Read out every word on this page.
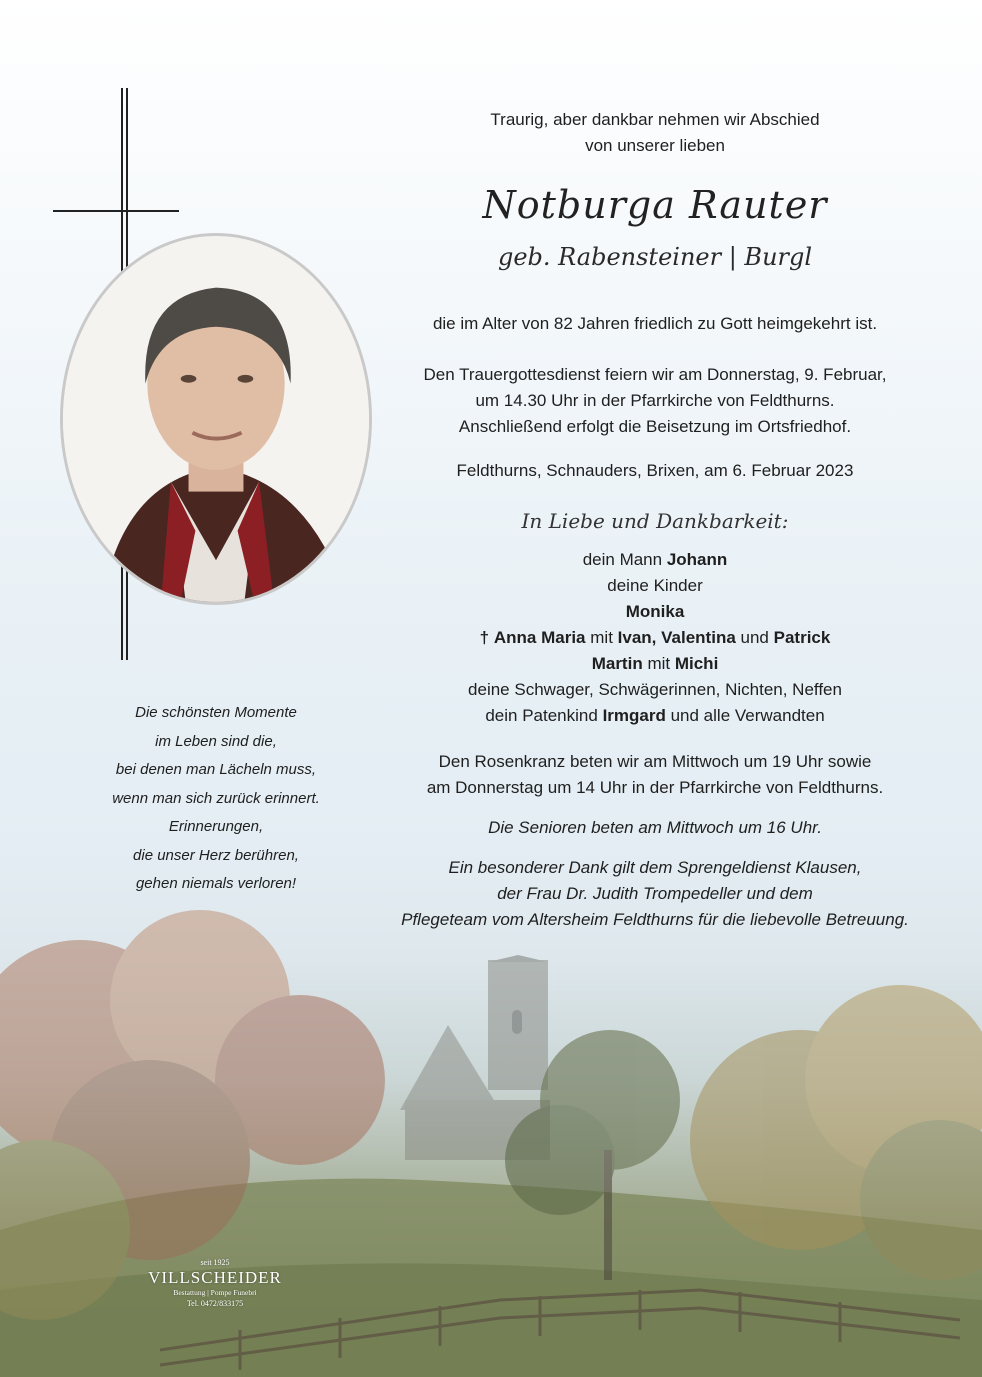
Traurig, aber dankbar nehmen wir Abschied

von unserer lieben

Notburga Rauter
geb. Rabensteiner | Burgl

die im Alter von 82 Jahren friedlich zu Gott heimgekehrt ist.

Den Trauergottesdienst feiern wir am Donnerstag, 9. Februar,

um 14.30 Uhr in der Pfarrkirche von Feldthurns.

Anschließend erfolgt die Beisetzung im Ortsfriedhof.

Feldthurns, Schnauders, Brixen, am 6. Februar 2023

In Liebe und Dankbarkeit:

dein Mann Johann

deine Kinder

Monika

† Anna Maria mit Ivan, Valentina und Patrick

Martin mit Michi

deine Schwager, Schwägerinnen, Nichten, Neffen

dein Patenkind Irmgard und alle Verwandten

Den Rosenkranz beten wir am Mittwoch um 19 Uhr sowie

am Donnerstag um 14 Uhr in der Pfarrkirche von Feldthurns.

Die Senioren beten am Mittwoch um 16 Uhr.

Ein besonderer Dank gilt dem Sprengeldienst Klausen,

der Frau Dr. Judith Trompedeller und dem

Pflegeteam vom Altersheim Feldthurns für die liebevolle Betreuung.

Die schönsten Momente

im Leben sind die,

bei denen man Lächeln muss,

wenn man sich zurück erinnert.

Erinnerungen,

die unser Herz berühren,

gehen niemals verloren!

seit 1925
VILLSCHEIDER
Bestattung | Pompe Funebri
Tel. 0472/833175
